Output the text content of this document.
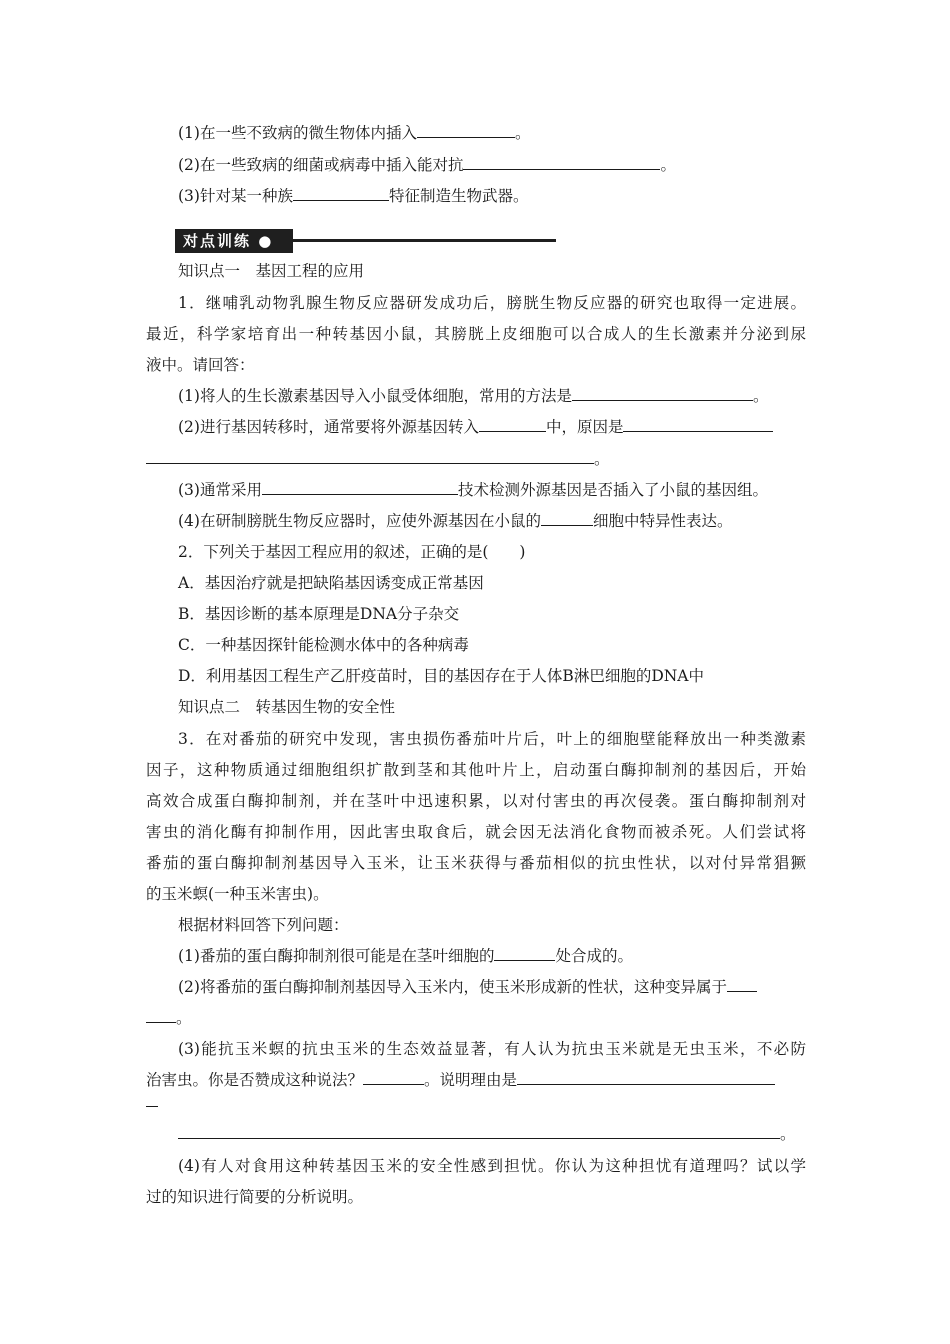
(1)在一些不致病的微生物体内插入	。
(2)在一些致病的细菌或病毒中插入能对抗	。
(3)针对某一种族	特征制造生物武器。
对点训练 ●
知识点一　基因工程的应用
1．继哺乳动物乳腺生物反应器研发成功后，膀胱生物反应器的研究也取得一定进展。
最近，科学家培育出一种转基因小鼠，其膀胱上皮细胞可以合成人的生长激素并分泌到尿
液中。请回答：
(1)将人的生长激素基因导入小鼠受体细胞，常用的方法是	。
(2)进行基因转移时，通常要将外源基因转入	中，原因是
。
(3)通常采用	技术检测外源基因是否插入了小鼠的基因组。
(4)在研制膀胱生物反应器时，应使外源基因在小鼠的	细胞中特异性表达。
2．下列关于基因工程应用的叙述，正确的是(　　)
A．基因治疗就是把缺陷基因诱变成正常基因
B．基因诊断的基本原理是DNA分子杂交
C．一种基因探针能检测水体中的各种病毒
D．利用基因工程生产乙肝疫苗时，目的基因存在于人体B淋巴细胞的DNA中
知识点二　转基因生物的安全性
3．在对番茄的研究中发现，害虫损伤番茄叶片后，叶上的细胞壁能释放出一种类激素
因子，这种物质通过细胞组织扩散到茎和其他叶片上，启动蛋白酶抑制剂的基因后，开始
高效合成蛋白酶抑制剂，并在茎叶中迅速积累，以对付害虫的再次侵袭。蛋白酶抑制剂对
害虫的消化酶有抑制作用，因此害虫取食后，就会因无法消化食物而被杀死。人们尝试将
番茄的蛋白酶抑制剂基因导入玉米，让玉米获得与番茄相似的抗虫性状，以对付异常猖獗
的玉米螟(一种玉米害虫)。
根据材料回答下列问题：
(1)番茄的蛋白酶抑制剂很可能是在茎叶细胞的	处合成的。
(2)将番茄的蛋白酶抑制剂基因导入玉米内，使玉米形成新的性状，这种变异属于
。
(3)能抗玉米螟的抗虫玉米的生态效益显著，有人认为抗虫玉米就是无虫玉米，不必防
治害虫。你是否赞成这种说法？	。说明理由是
。
(4)有人对食用这种转基因玉米的安全性感到担忧。你认为这种担忧有道理吗？试以学
过的知识进行简要的分析说明。
